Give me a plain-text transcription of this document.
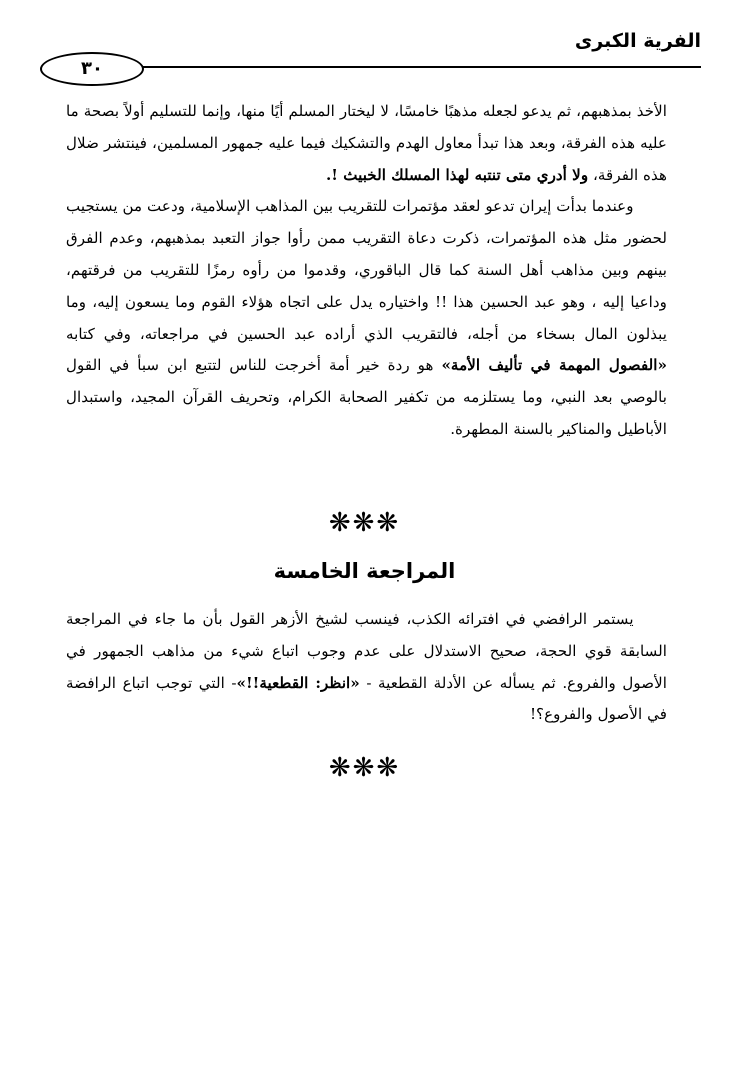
الفرية الكبرى
٣٠

الأخذ بمذهبهم، ثم يدعو لجعله مذهبًا خامسًا، لا ليختار المسلم أيًا منها، وإنما للتسليم أولاً بصحة ما عليه هذه الفرقة، وبعد هذا تبدأ معاول الهدم والتشكيك فيما عليه جمهور المسلمين، فينتشر ضلال هذه الفرقة، ولا أدري متى تنتبه لهذا المسلك الخبيث !.

وعندما بدأت إيران تدعو لعقد مؤتمرات للتقريب بين المذاهب الإسلامية، ودعت من يستجيب لحضور مثل هذه المؤتمرات، ذكرت دعاة التقريب ممن رأوا جواز التعبد بمذهبهم، وعدم الفرق بينهم وبين مذاهب أهل السنة كما قال الباقوري، وقدموا من رأوه رمزًا للتقريب من فرقتهم، وداعيا إليه ، وهو عبد الحسين هذا !! واختياره يدل على اتجاه هؤلاء القوم وما يسعون إليه، وما يبذلون المال بسخاء من أجله، فالتقريب الذي أراده عبد الحسين في مراجعاته، وفي كتابه «الفصول المهمة في تأليف الأمة» هو ردة خير أمة أخرجت للناس لتتبع ابن سبأ في القول بالوصي بعد النبي، وما يستلزمه من تكفير الصحابة الكرام، وتحريف القرآن المجيد، واستبدال الأباطيل والمناكير بالسنة المطهرة.

❋❋❋
المراجعة الخامسة

يستمر الرافضي في افترائه الكذب، فينسب لشيخ الأزهر القول بأن ما جاء في المراجعة السابقة قوي الحجة، صحيح الاستدلال على عدم وجوب اتباع شيء من مذاهب الجمهور في الأصول والفروع. ثم يسأله عن الأدلة القطعية - «انظر: القطعية!!»- التي توجب اتباع الرافضة في الأصول والفروع؟!

❋❋❋
